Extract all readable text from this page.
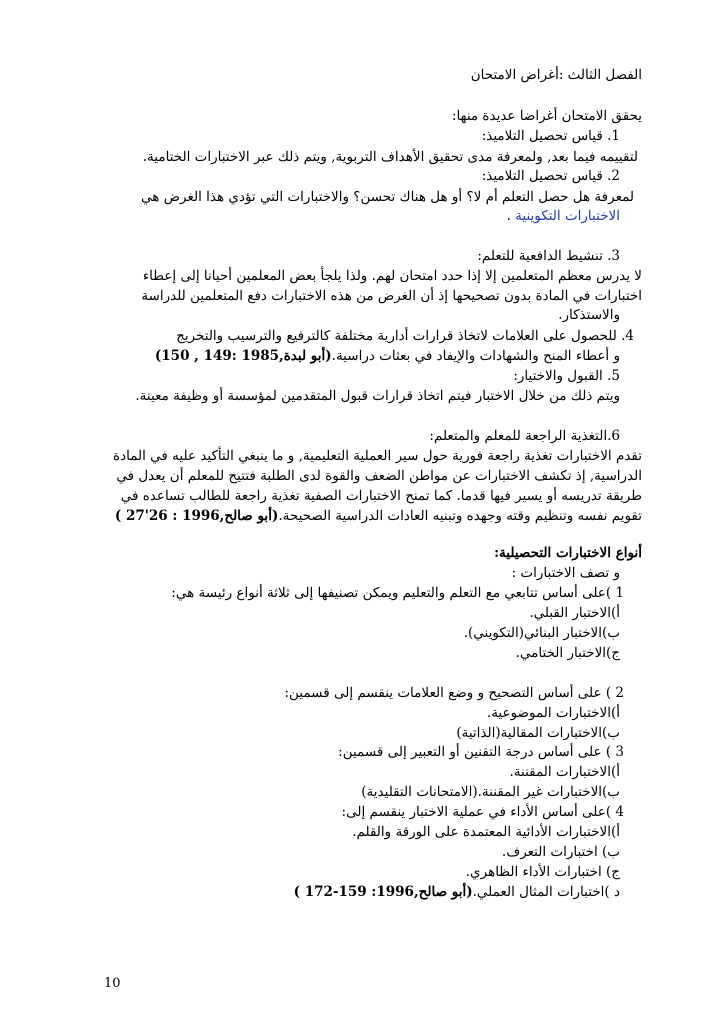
الفصل الثالث :أغراض الامتحان
يحقق الامتحان أغراضا عديدة منها:
1. قياس تحصيل التلاميذ:
لتقييمه فيما بعد, ولمعرفة مدى تحقيق الأهداف التربوية, ويتم ذلك عبر الاختبارات الختامية.
2. قياس تحصيل التلاميذ:
لمعرفة هل حصل التعلم أم لا؟ أو هل هناك تحسن؟ والاختبارات التي تؤدي هذا الغرض هي
الاختبارات التكوينية .
3. تنشيط الدافعية للتعلم:
لا يدرس معظم المتعلمين إلا إذا حدد امتحان لهم. ولذا يلجأ بعض المعلمين أحيانا إلى إعطاء
اختبارات في المادة بدون تصحيحها إذ أن الغرض من هذه الاختبارات دفع المتعلمين للدراسة
والاستذكار.
4. للحصول على العلامات لاتخاذ قرارات أدارية مختلفة كالترفيع والترسيب والتخريج
و أعطاء المنح والشهادات والإيفاد في بعثات دراسية.(أبو لبدة,1985 :149 , 150)
5. القبول والاختيار:
ويتم ذلك من خلال الاختبار فيتم اتخاذ قرارات قبول المتقدمين لمؤسسة أو وظيفة معينة.
6.التغذية الراجعة للمعلم والمتعلم:
تقدم الاختبارات تغذية راجعة فورية حول سير العملية التعليمية, و ما ينبغي التأكيد عليه في المادة
الدراسية, إذ تكشف الاختبارات عن مواطن الضعف والقوة لدى الطلبة فتتيح للمعلم أن يعدل في
طريقة تدريسه أو يسير فيها قدما. كما تمنح الاختبارات الصفية تغذية راجعة للطالب تساعده في
تقويم نفسه وتنظيم وقته وجهده وتبنيه العادات الدراسية الصحيحة.(أبو صالح,1996 : 26'27 )
أنواع الاختبارات التحصيلية:
و تصف الاختبارات :
1 )على أساس تتابعي مع التعلم والتعليم ويمكن تصنيفها إلى ثلاثة أنواع رئيسة هي:
أ)الاختبار القبلي.
ب)الاختبار البنائي(التكويني).
ج)الاختبار الختامي.
2 ) على أساس التصحيح و وضع العلامات ينقسم إلى قسمين:
أ)الاختبارات الموضوعية.
ب)الاختبارات المقالية(الذاتية)
3 ) على أساس درجة التقنين أو التعبير إلى قسمين:
أ)الاختبارات المقننة.
ب)الاختبارات غير المقننة.(الامتحانات التقليدية)
4 )على أساس الأداء في عملية الاختبار ينقسم إلى:
أ)الاختبارات الأدائية المعتمدة على الورقة والقلم.
ب) اختبارات التعرف.
ج) اختبارات الأداء الظاهري.
د )اختبارات المثال العملي.(أبو صالح,1996: 159-172 )
10
